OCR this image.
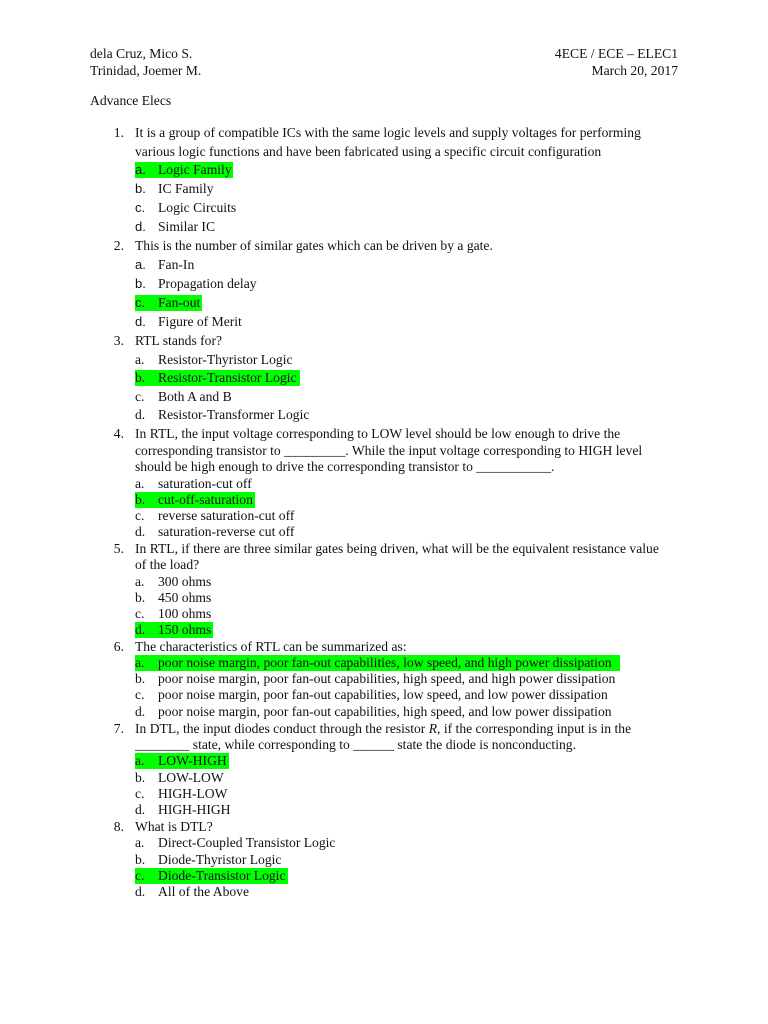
dela Cruz, Mico S.
Trinidad, Joemer M.
4ECE / ECE – ELEC1
March 20, 2017
Advance Elecs
1. It is a group of compatible ICs with the same logic levels and supply voltages for performing
various logic functions and have been fabricated using a specific circuit configuration
a. Logic Family
b. IC Family
c. Logic Circuits
d. Similar IC
2. This is the number of similar gates which can be driven by a gate.
a. Fan-In
b. Propagation delay
c. Fan-out
d. Figure of Merit
3. RTL stands for?
a. Resistor-Thyristor Logic
b. Resistor-Transistor Logic
c. Both A and B
d. Resistor-Transformer Logic
4. In RTL, the input voltage corresponding to LOW level should be low enough to drive the
corresponding transistor to _________. While the input voltage corresponding to HIGH level
should be high enough to drive the corresponding transistor to ___________.
a. saturation-cut off
b. cut-off-saturation
c. reverse saturation-cut off
d. saturation-reverse cut off
5. In RTL, if there are three similar gates being driven, what will be the equivalent resistance value
of the load?
a. 300 ohms
b. 450 ohms
c. 100 ohms
d. 150 ohms
6. The characteristics of RTL can be summarized as:
a. poor noise margin, poor fan-out capabilities, low speed, and high power dissipation
b. poor noise margin, poor fan-out capabilities, high speed, and high power dissipation
c. poor noise margin, poor fan-out capabilities, low speed, and low power dissipation
d. poor noise margin, poor fan-out capabilities, high speed, and low power dissipation
7. In DTL, the input diodes conduct through the resistor R, if the corresponding input is in the
________ state, while corresponding to ______ state the diode is nonconducting.
a. LOW-HIGH
b. LOW-LOW
c. HIGH-LOW
d. HIGH-HIGH
8. What is DTL?
a. Direct-Coupled Transistor Logic
b. Diode-Thyristor Logic
c. Diode-Transistor Logic
d. All of the Above
